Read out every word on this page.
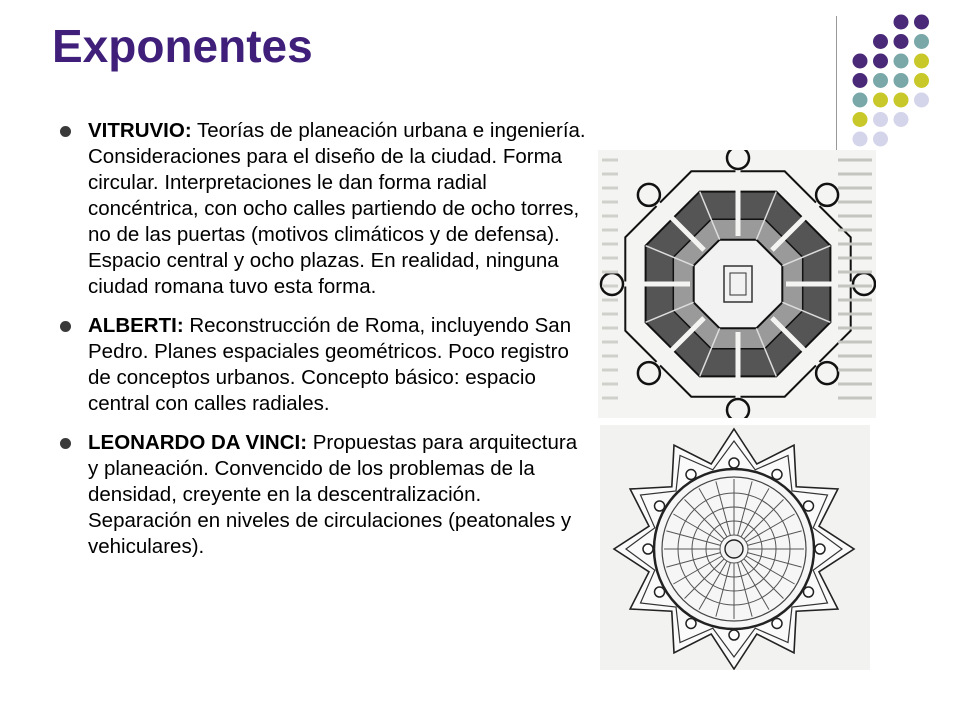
Exponentes
VITRUVIO: Teorías de planeación urbana e ingeniería. Consideraciones para el diseño de la ciudad. Forma circular. Interpretaciones le dan forma radial concéntrica, con ocho calles partiendo de ocho torres, no de las puertas (motivos climáticos y de defensa). Espacio central y ocho plazas. En realidad, ninguna ciudad romana tuvo esta forma.
ALBERTI: Reconstrucción de Roma, incluyendo San Pedro. Planes espaciales geométricos. Poco registro de conceptos urbanos. Concepto básico: espacio central con calles radiales.
LEONARDO DA VINCI: Propuestas para arquitectura y planeación. Convencido de los problemas de la densidad, creyente en la descentralización. Separación en niveles de circulaciones (peatonales y vehiculares).
